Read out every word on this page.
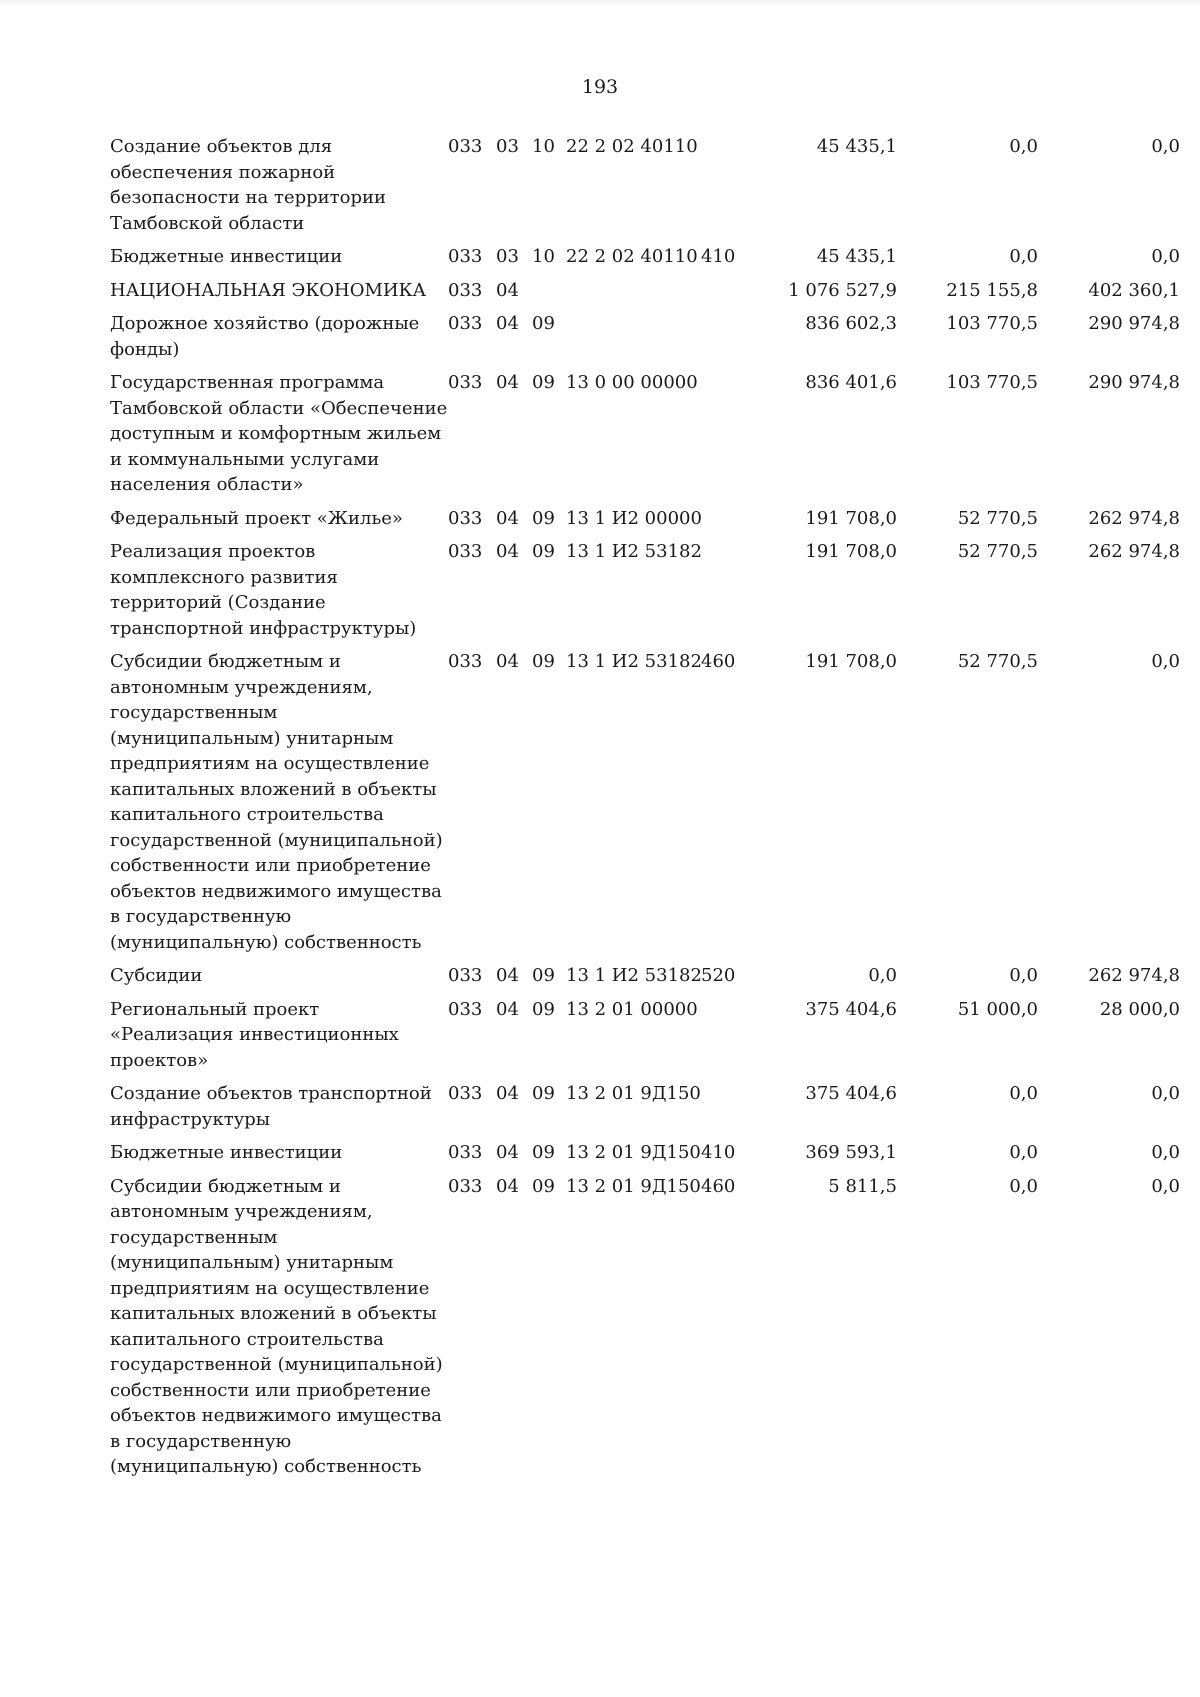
193
Создание объектов для обеспечения пожарной безопасности на территории Тамбовской области	033	03	10	22 2 02 40110		45 435,1	0,0	0,0
Бюджетные инвестиции	033	03	10	22 2 02 40110	410	45 435,1	0,0	0,0
НАЦИОНАЛЬНАЯ ЭКОНОМИКА	033	04				1 076 527,9	215 155,8	402 360,1
Дорожное хозяйство (дорожные фонды)	033	04	09			836 602,3	103 770,5	290 974,8
Государственная программа Тамбовской области «Обеспечение доступным и комфортным жильем и коммунальными услугами населения области»	033	04	09	13 0 00 00000		836 401,6	103 770,5	290 974,8
Федеральный проект «Жилье»	033	04	09	13 1 И2 00000		191 708,0	52 770,5	262 974,8
Реализация проектов комплексного развития территорий (Создание транспортной инфраструктуры)	033	04	09	13 1 И2 53182		191 708,0	52 770,5	262 974,8
Субсидии бюджетным и автономным учреждениям, государственным (муниципальным) унитарным предприятиям на осуществление капитальных вложений в объекты капитального строительства государственной (муниципальной) собственности или приобретение объектов недвижимого имущества в государственную (муниципальную) собственность	033	04	09	13 1 И2 53182	460	191 708,0	52 770,5	0,0
Субсидии	033	04	09	13 1 И2 53182	520	0,0	0,0	262 974,8
Региональный проект «Реализация инвестиционных проектов»	033	04	09	13 2 01 00000		375 404,6	51 000,0	28 000,0
Создание объектов транспортной инфраструктуры	033	04	09	13 2 01 9Д150		375 404,6	0,0	0,0
Бюджетные инвестиции	033	04	09	13 2 01 9Д150	410	369 593,1	0,0	0,0
Субсидии бюджетным и автономным учреждениям, государственным (муниципальным) унитарным предприятиям на осуществление капитальных вложений в объекты капитального строительства государственной (муниципальной) собственности или приобретение объектов недвижимого имущества в государственную (муниципальную) собственность	033	04	09	13 2 01 9Д150	460	5 811,5	0,0	0,0
